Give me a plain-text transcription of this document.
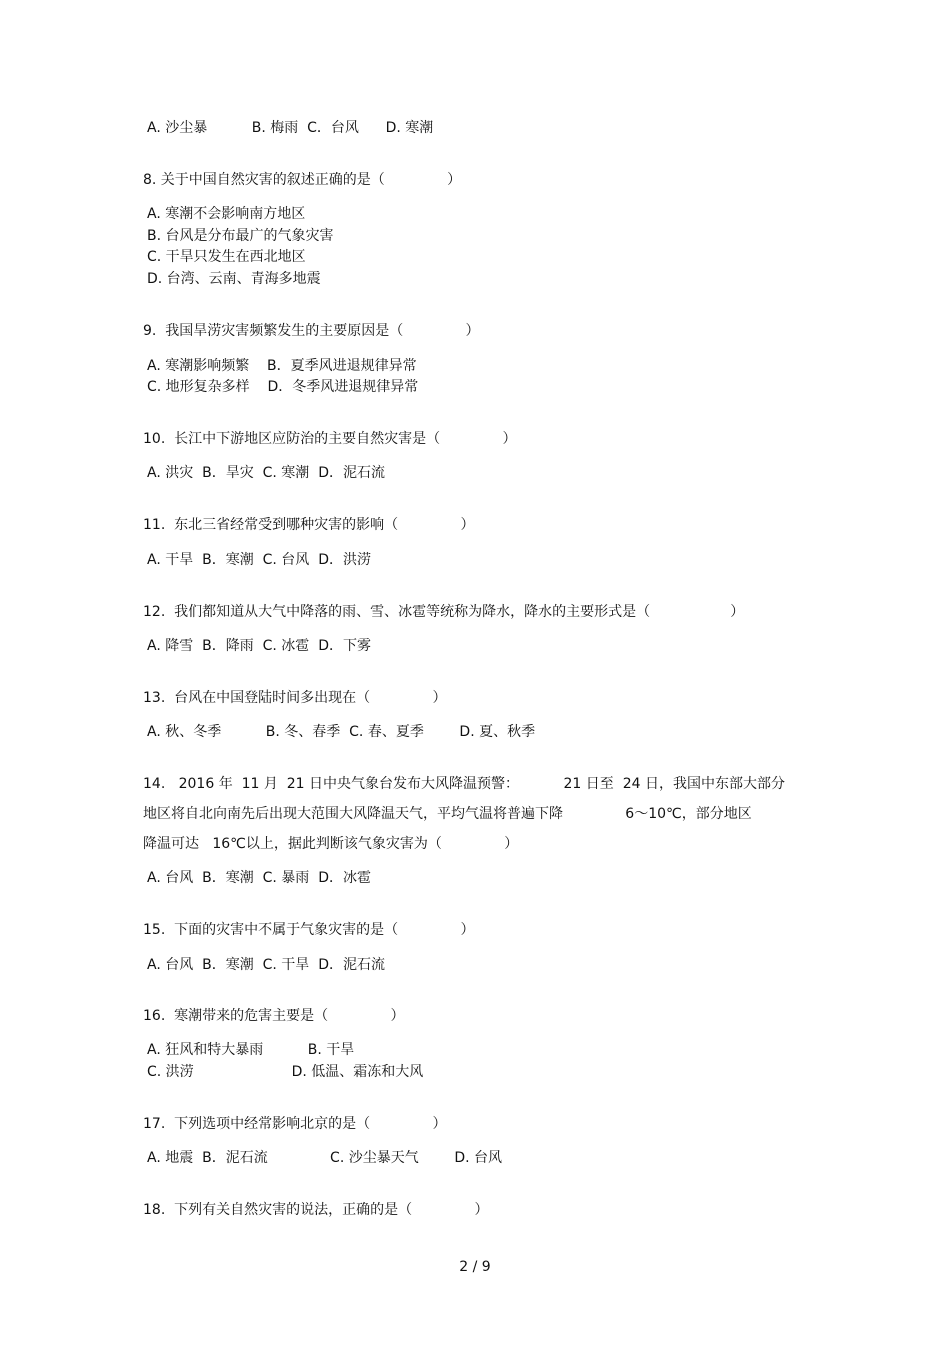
A. 沙尘暴          B. 梅雨  C．台风      D. 寒潮
8. 关于中国自然灾害的叙述正确的是（              ）
A. 寒潮不会影响南方地区
B. 台风是分布最广的气象灾害
C. 干旱只发生在西北地区
D. 台湾、云南、青海多地震
9.  我国旱涝灾害频繁发生的主要原因是（              ）
A. 寒潮影响频繁    B．夏季风进退规律异常
C. 地形复杂多样    D．冬季风进退规律异常
10.  长江中下游地区应防治的主要自然灾害是（              ）
A. 洪灾  B．旱灾  C. 寒潮  D．泥石流
11.  东北三省经常受到哪种灾害的影响（              ）
A. 干旱  B．寒潮  C. 台风  D．洪涝
12.  我们都知道从大气中降落的雨、雪、冰雹等统称为降水，降水的主要形式是（                  ）
A. 降雪  B．降雨  C. 冰雹  D．下雾
13.  台风在中国登陆时间多出现在（              ）
A. 秋、冬季          B. 冬、春季  C. 春、夏季        D. 夏、秋季
14.   2016 年  11 月  21 日中央气象台发布大风降温预警：          21 日至  24 日，我国中东部大部分
地区将自北向南先后出现大范围大风降温天气，平均气温将普遍下降              6～10℃，部分地区
降温可达   16℃以上，据此判断该气象灾害为（              ）
A. 台风  B．寒潮  C. 暴雨  D．冰雹
15.  下面的灾害中不属于气象灾害的是（              ）
A. 台风  B．寒潮  C. 干旱  D．泥石流
16.  寒潮带来的危害主要是（              ）
A. 狂风和特大暴雨          B. 干旱
C. 洪涝                      D. 低温、霜冻和大风
17.  下列选项中经常影响北京的是（              ）
A. 地震  B．泥石流              C. 沙尘暴天气        D. 台风
18.  下列有关自然灾害的说法，正确的是（              ）
2 / 9
